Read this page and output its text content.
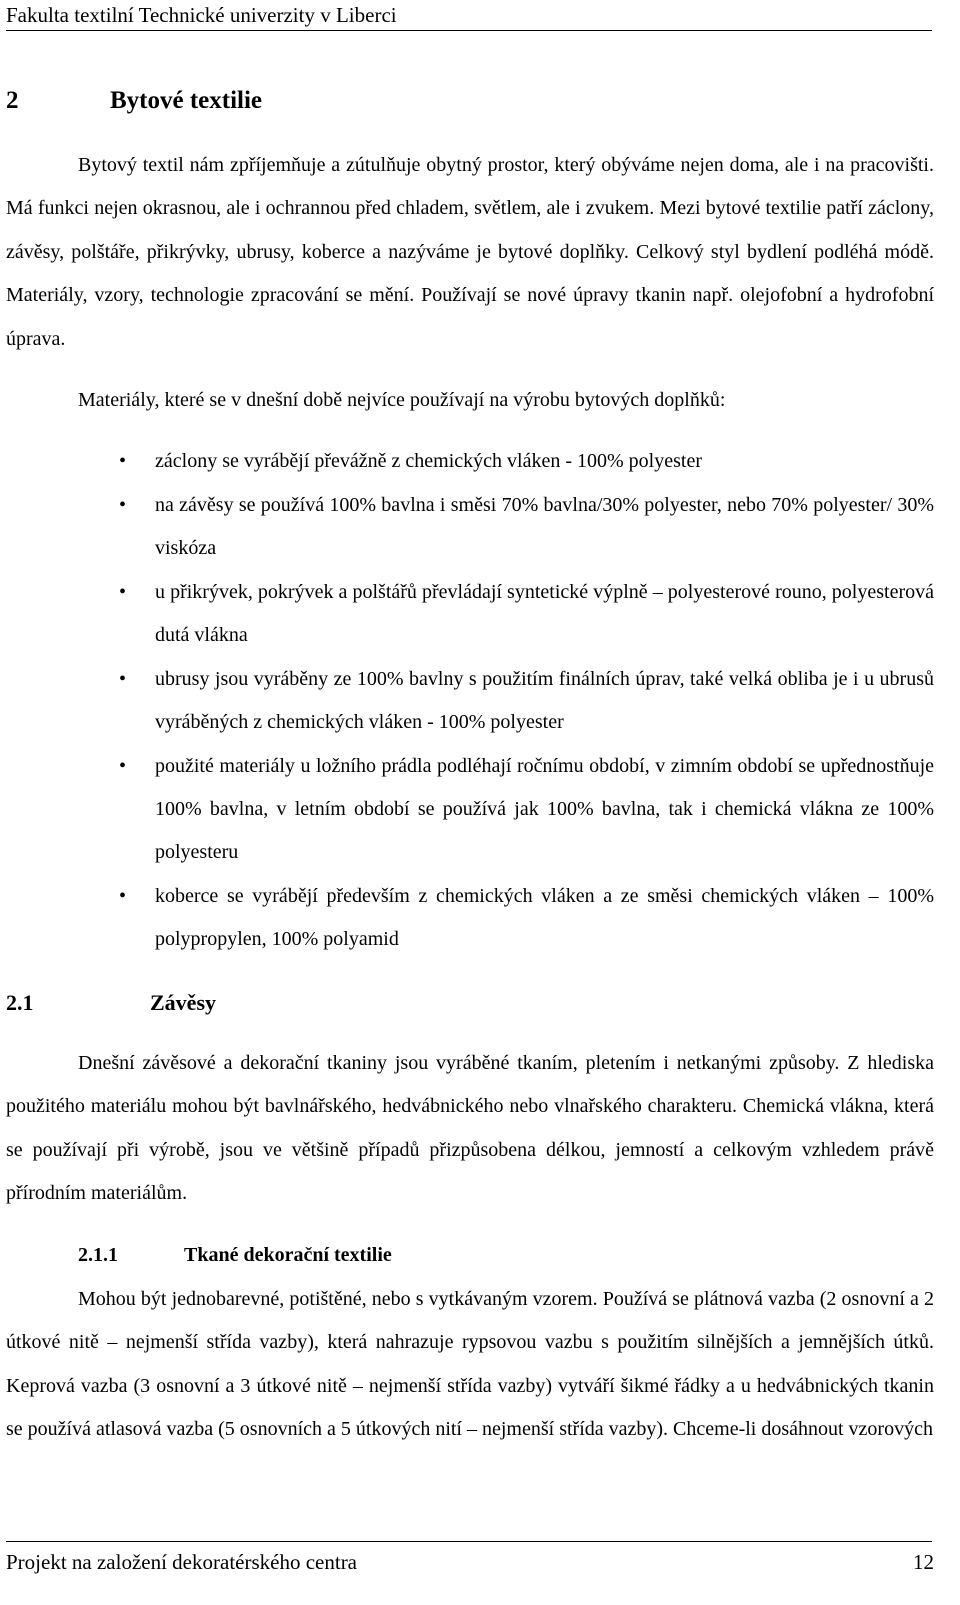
Fakulta textilní Technické univerzity v Liberci
2	Bytové textilie

Bytový textil nám zpříjemňuje a zútulňuje obytný prostor, který obýváme nejen doma, ale i na pracovišti. Má funkci nejen okrasnou, ale i ochrannou před chladem, světlem, ale i zvukem. Mezi bytové textilie patří záclony, závěsy, polštáře, přikrývky, ubrusy, koberce a nazýváme je bytové doplňky. Celkový styl bydlení podléhá módě. Materiály, vzory, technologie zpracování se mění. Používají se nové úpravy tkanin např. olejofobní a hydrofobní úprava.

Materiály, které se v dnešní době nejvíce používají na výrobu bytových doplňků:

• záclony se vyrábějí převážně z chemických vláken - 100% polyester
• na závěsy se používá 100% bavlna i směsi 70% bavlna/30% polyester, nebo 70% polyester/ 30% viskóza
• u přikrývek, pokrývek a polštářů převládají syntetické výplně – polyesterové rouno, polyesterová dutá vlákna
• ubrusy jsou vyráběny ze 100% bavlny s použitím finálních úprav, také velká obliba je i u ubrusů vyráběných z chemických vláken - 100% polyester
• použité materiály u ložního prádla podléhají ročnímu období, v zimním období se upřednostňuje 100% bavlna, v letním období se používá jak 100% bavlna, tak i chemická vlákna ze 100% polyesteru
• koberce se vyrábějí především z chemických vláken a ze směsi chemických vláken – 100% polypropylen, 100% polyamid
2.1	Závěsy

Dnešní závěsové a dekorační tkaniny jsou vyráběné tkaním, pletením i netkanými způsoby. Z hlediska použitého materiálu mohou být bavlnářského, hedvábnického nebo vlnařského charakteru. Chemická vlákna, která se používají při výrobě, jsou ve většině případů přizpůsobena délkou, jemností a celkovým vzhledem právě přírodním materiálům.

2.1.1	Tkané dekorační textilie

Mohou být jednobarevné, potištěné, nebo s vytkávaným vzorem. Používá se plátnová vazba (2 osnovní a 2 útkové nitě – nejmenší střída vazby), která nahrazuje rypsovou vazbu s použitím silnějších a jemnějších útků. Keprová vazba (3 osnovní a 3 útkové nitě – nejmenší střída vazby) vytváří šikmé řádky a u hedvábnických tkanin se používá atlasová vazba (5 osnovních a 5 útkových nití – nejmenší střída vazby). Chceme-li dosáhnout vzorových

Projekt na založení dekoratérského centra	12
